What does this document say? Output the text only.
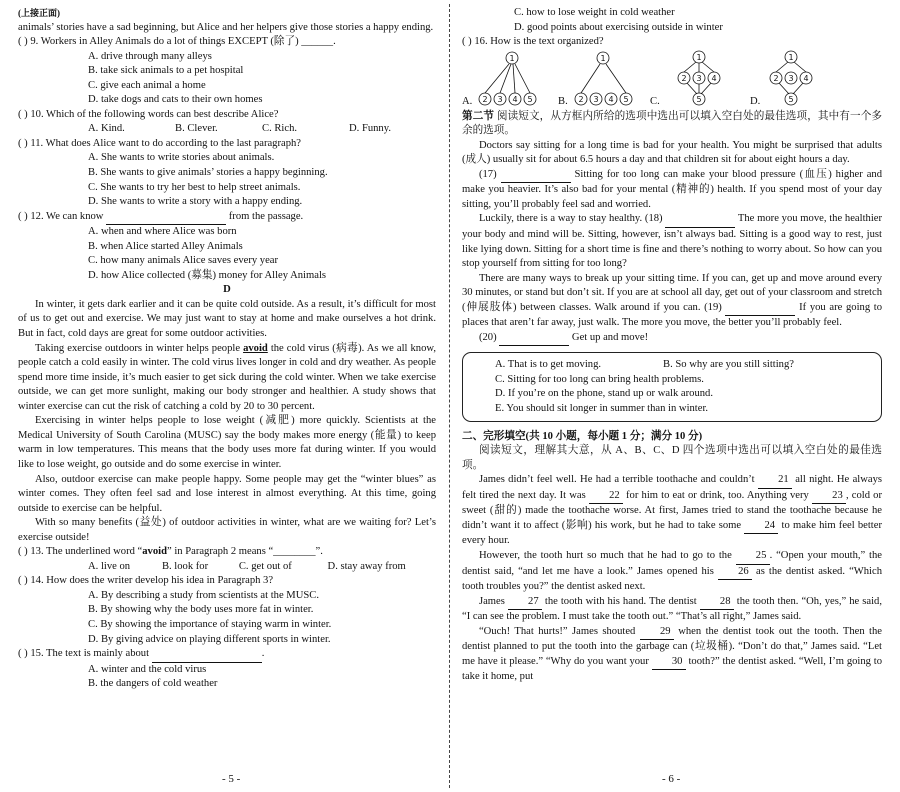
(上接正面)

animals’ stories have a sad beginning, but Alice and her helpers give those stories a happy ending.

( ) 9. Workers in Alley Animals do a lot of things EXCEPT (除了) ______.

A. drive through many alleys

B. take sick animals to a pet hospital

C. give each animal a home

D. take dogs and cats to their own homes

( ) 10. Which of the following words can best describe Alice?

A. Kind.	B. Clever.	C. Rich.	D. Funny.

( ) 11. What does Alice want to do according to the last paragraph?

A. She wants to write stories about animals.

B. She wants to give animals’ stories a happy beginning.

C. She wants to try her best to help street animals.

D. She wants to write a story with a happy ending.

( ) 12. We can know	from the passage.

A. when and where Alice was born

B. when Alice started Alley Animals

C. how many animals Alice saves every year

D. how Alice collected (募集) money for Alley Animals

D

In winter, it gets dark earlier and it can be quite cold outside. As a result, it’s difficult for most of us to get out and exercise. We may just want to stay at home and make ourselves a hot drink. But in fact, cold days are great for some outdoor activities.

Taking exercise outdoors in winter helps people avoid the cold virus (病毒). As we all know, people catch a cold easily in winter. The cold virus lives longer in cold and dry weather. As people spend more time inside, it’s much easier to get sick during the cold winter. When we take exercise outside, we can get more sunlight, making our body stronger and healthier. A study shows that winter exercise can cut the risk of catching a cold by 20 to 30 percent.

Exercising in winter helps people to lose weight (减肥) more quickly. Scientists at the Medical University of South Carolina (MUSC) say the body makes more energy (能量) to keep warm in low temperatures. This means that the body uses more fat during winter. If you would like to lose weight, go outside and do some exercise in winter.

Also, outdoor exercise can make people happy. Some people may get the “winter blues” as winter comes. They often feel sad and lose interest in almost everything. At this time, going outside to exercise can be helpful.

With so many benefits (益处) of outdoor activities in winter, what are we waiting for? Let’s exercise outside!

( ) 13. The underlined word “avoid” in Paragraph 2 means “________”.

A. live on	B. look for	C. get out of	D. stay away from

( ) 14. How does the writer develop his idea in Paragraph 3?

A. By describing a study from scientists at the MUSC.

B. By showing why the body uses more fat in winter.

C. By showing the importance of staying warm in winter.

D. By giving advice on playing different sports in winter.

( ) 15. The text is mainly about	.

A. winter and the cold virus

B. the dangers of cold weather

- 5 -

C. how to lose weight in cold weather

D. good points about exercising outside in winter

( ) 16. How is the text organized?

1
2 3 4 5
A.
1
2 3 4 5
B.
1
2 3 4
5
C.
1
2 3 4
5
D.

第二节 阅读短文，从方框内所给的选项中选出可以填入空白处的最佳选项，其中有一个多余的选项。

Doctors say sitting for a long time is bad for your health. You might be surprised that adults (成人) usually sit for about 6.5 hours a day and that children sit for about eight hours a day.

(17)	Sitting for too long can make your blood pressure (血压) higher and make you heavier. It’s also bad for your mental (精神的) health. If you spend most of your day sitting, you’ll probably feel sad and worried.

Luckily, there is a way to stay healthy. (18)	The more you move, the healthier your body and mind will be. Sitting, however, isn’t always bad. Sitting is a good way to rest, just like lying down. Sitting for a short time is fine and there’s nothing to worry about. So how can you stop yourself from sitting for too long?

There are many ways to break up your sitting time. If you can, get up and move around every 30 minutes, or stand but don’t sit. If you are at school all day, get out of your classroom and stretch (伸展肢体) between classes. Walk around if you can. (19)	If you are going to places that aren’t far away, just walk. The more you move, the better you’ll probably feel.

(20)	Get up and move!

A. That is to get moving.	B. So why are you still sitting?

C. Sitting for too long can bring health problems.

D. If you’re on the phone, stand up or walk around.

E. You should sit longer in summer than in winter.

二、完形填空(共 10 小题，每小题 1 分；满分 10 分)

阅读短文，理解其大意，从 A、B、C、D 四个选项中选出可以填入空白处的最佳选项。

James didn’t feel well. He had a terrible toothache and couldn’t 21 all night. He always felt tired the next day. It was 22 for him to eat or drink, too. Anything very 23 , cold or sweet (甜的) made the toothache worse. At first, James tried to stand the toothache because he didn’t want it to affect (影响) his work, but he had to take some 24 to make him feel better every hour.

However, the tooth hurt so much that he had to go to the 25 . “Open your mouth,” the dentist said, “and let me have a look.” James opened his 26 as the dentist asked. “Which tooth troubles you?” the dentist asked next.

James 27 the tooth with his hand. The dentist 28 the tooth then. “Oh, yes,” he said, “I can see the problem. I must take the tooth out.” “That’s all right,” James said.

“Ouch! That hurts!” James shouted 29 when the dentist took out the tooth. Then the dentist planned to put the tooth into the garbage can (垃圾桶). “Don’t do that,” James said. “Let me have it please.” “Why do you want your 30 tooth?” the dentist asked. “Well, I’m going to take it home, put

- 6 -
